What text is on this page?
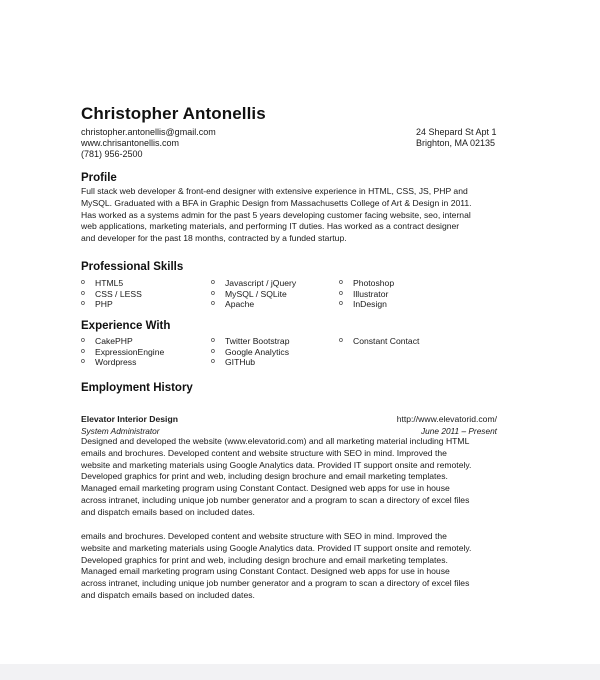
Christopher Antonellis
christopher.antonellis@gmail.com
www.chrisantonellis.com
(781) 956-2500
24 Shepard St Apt 1
Brighton, MA 02135
Profile
Full stack web developer & front-end designer with extensive experience in HTML, CSS, JS, PHP and
MySQL. Graduated with a BFA in Graphic Design from Massachusetts College of Art & Design in 2011.
Has worked as a systems admin for the past 5 years developing customer facing website, seo, internal
web applications, marketing materials, and performing IT duties. Has worked as a contract designer
and developer for the past 18 months, contracted by a funded startup.
Professional Skills
o HTML5
o CSS / LESS
o PHP
o Javascript / jQuery
o MySQL / SQLite
o Apache
o Photoshop
o Illustrator
o InDesign
Experience With
o CakePHP
o ExpressionEngine
o Wordpress
o Twitter Bootstrap
o Google Analytics
o GITHub
o Constant Contact
Employment History
Elevator Interior Design	http://www.elevatorid.com/
System Administrator	June 2011 – Present
Designed and developed the website (www.elevatorid.com) and all marketing material including HTML
emails and brochures. Developed content and website structure with SEO in mind. Improved the
website and marketing materials using Google Analytics data. Provided IT support onsite and remotely.
Developed graphics for print and web, including design brochure and email marketing templates.
Managed email marketing program using Constant Contact. Designed web apps for use in house
across intranet, including unique job number generator and a program to scan a directory of excel files
and dispatch emails based on included dates.
emails and brochures. Developed content and website structure with SEO in mind. Improved the
website and marketing materials using Google Analytics data. Provided IT support onsite and remotely.
Developed graphics for print and web, including design brochure and email marketing templates.
Managed email marketing program using Constant Contact. Designed web apps for use in house
across intranet, including unique job number generator and a program to scan a directory of excel files
and dispatch emails based on included dates.
